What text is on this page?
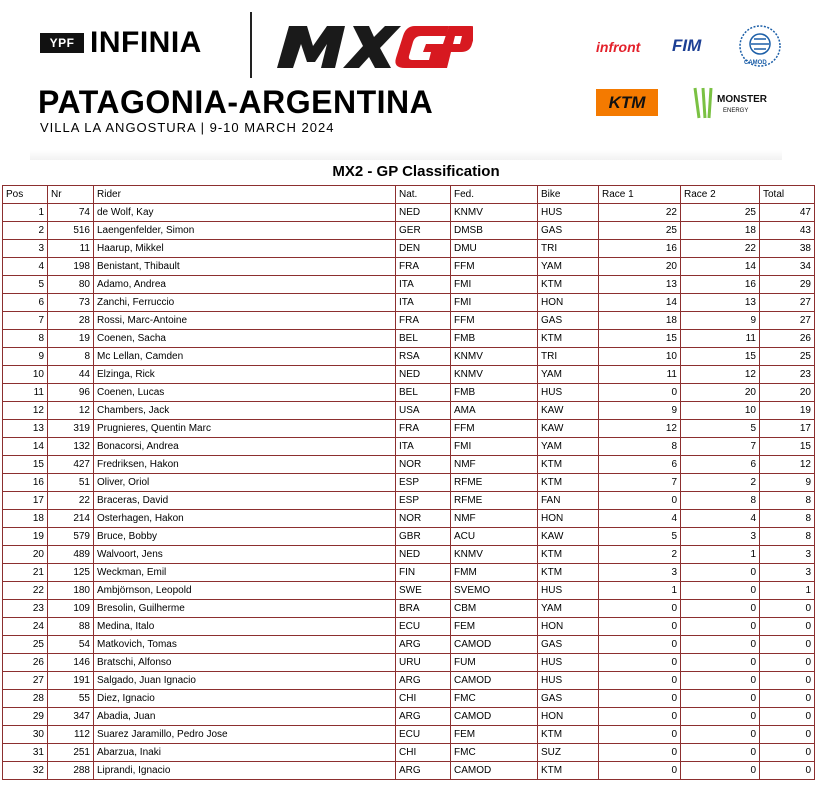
YPF INFINIA
MXGP
PATAGONIA-ARGENTINA
VILLA LA ANGOSTURA | 9-10 MARCH 2024
infront FIM
CAMOD
KTM	MONSTER
ENERGY
MX2 - GP Classification
Pos	Nr	Rider	Nat.	Fed.	Bike	Race 1	Race 2	Total
1	74	de Wolf, Kay	NED	KNMV	HUS	22	25	47
2	516	Laengenfelder, Simon	GER	DMSB	GAS	25	18	43
3	11	Haarup, Mikkel	DEN	DMU	TRI	16	22	38
4	198	Benistant, Thibault	FRA	FFM	YAM	20	14	34
5	80	Adamo, Andrea	ITA	FMI	KTM	13	16	29
6	73	Zanchi, Ferruccio	ITA	FMI	HON	14	13	27
7	28	Rossi, Marc-Antoine	FRA	FFM	GAS	18	9	27
8	19	Coenen, Sacha	BEL	FMB	KTM	15	11	26
9	8	Mc Lellan, Camden	RSA	KNMV	TRI	10	15	25
10	44	Elzinga, Rick	NED	KNMV	YAM	11	12	23
11	96	Coenen, Lucas	BEL	FMB	HUS	0	20	20
12	12	Chambers, Jack	USA	AMA	KAW	9	10	19
13	319	Prugnieres, Quentin Marc	FRA	FFM	KAW	12	5	17
14	132	Bonacorsi, Andrea	ITA	FMI	YAM	8	7	15
15	427	Fredriksen, Hakon	NOR	NMF	KTM	6	6	12
16	51	Oliver, Oriol	ESP	RFME	KTM	7	2	9
17	22	Braceras, David	ESP	RFME	FAN	0	8	8
18	214	Osterhagen, Hakon	NOR	NMF	HON	4	4	8
19	579	Bruce, Bobby	GBR	ACU	KAW	5	3	8
20	489	Walvoort, Jens	NED	KNMV	KTM	2	1	3
21	125	Weckman, Emil	FIN	FMM	KTM	3	0	3
22	180	Ambjörnson, Leopold	SWE	SVEMO	HUS	1	0	1
23	109	Bresolin, Guilherme	BRA	CBM	YAM	0	0	0
24	88	Medina, Italo	ECU	FEM	HON	0	0	0
25	54	Matkovich, Tomas	ARG	CAMOD	GAS	0	0	0
26	146	Bratschi, Alfonso	URU	FUM	HUS	0	0	0
27	191	Salgado, Juan Ignacio	ARG	CAMOD	HUS	0	0	0
28	55	Diez, Ignacio	CHI	FMC	GAS	0	0	0
29	347	Abadia, Juan	ARG	CAMOD	HON	0	0	0
30	112	Suarez Jaramillo, Pedro Jose	ECU	FEM	KTM	0	0	0
31	251	Abarzua, Inaki	CHI	FMC	SUZ	0	0	0
32	288	Liprandi, Ignacio	ARG	CAMOD	KTM	0	0	0
